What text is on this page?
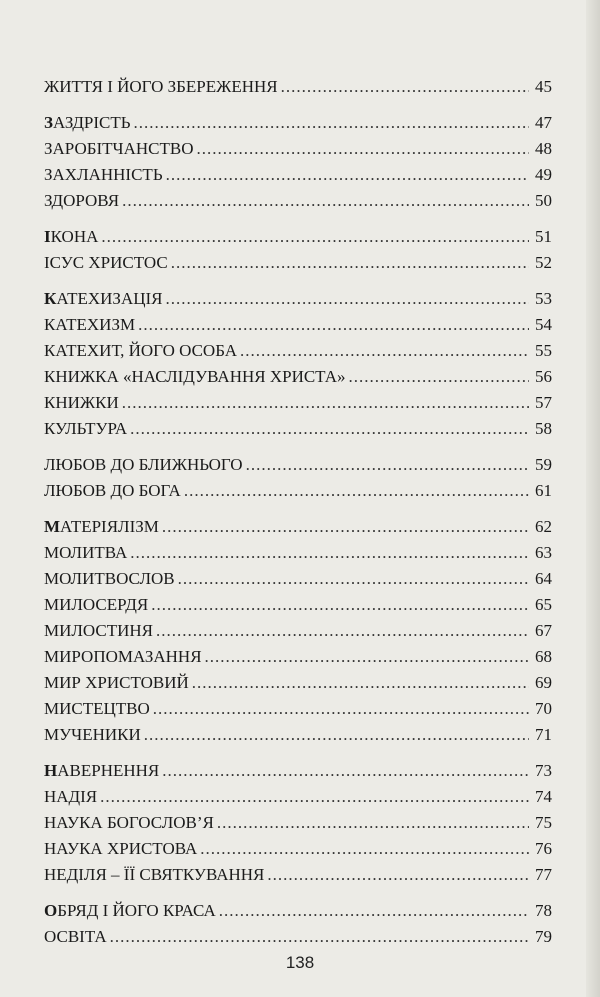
ЖИТТЯ І ЙОГО ЗБЕРЕЖЕННЯ .....	45
ЗАЗДРІСТЬ .....	47
ЗАРОБІТЧАНСТВО .....	48
ЗАХЛАННІСТЬ .....	49
ЗДОРОВЯ .....	50
ІКОНА .....	51
ІСУС ХРИСТОС .....	52
КАТЕХИЗАЦІЯ .....	53
КАТЕХИЗМ .....	54
КАТЕХИТ, ЙОГО ОСОБА .....	55
КНИЖКА «НАСЛІДУВАННЯ ХРИСТА» .....	56
КНИЖКИ .....	57
КУЛЬТУРА .....	58
ЛЮБОВ ДО БЛИЖНЬОГО .....	59
ЛЮБОВ ДО БОГА .....	61
МАТЕРІЯЛІЗМ .....	62
МОЛИТВА .....	63
МОЛИТВОСЛОВ .....	64
МИЛОСЕРДЯ .....	65
МИЛОСТИНЯ .....	67
МИРОПОМАЗАННЯ .....	68
МИР ХРИСТОВИЙ .....	69
МИСТЕЦТВО .....	70
МУЧЕНИКИ .....	71
НАВЕРНЕННЯ .....	73
НАДІЯ .....	74
НАУКА БОГОСЛОВ’Я .....	75
НАУКА ХРИСТОВА .....	76
НЕДІЛЯ – ЇЇ СВЯТКУВАННЯ .....	77
ОБРЯД І ЙОГО КРАСА .....	78
ОСВІТА .....	79
138
